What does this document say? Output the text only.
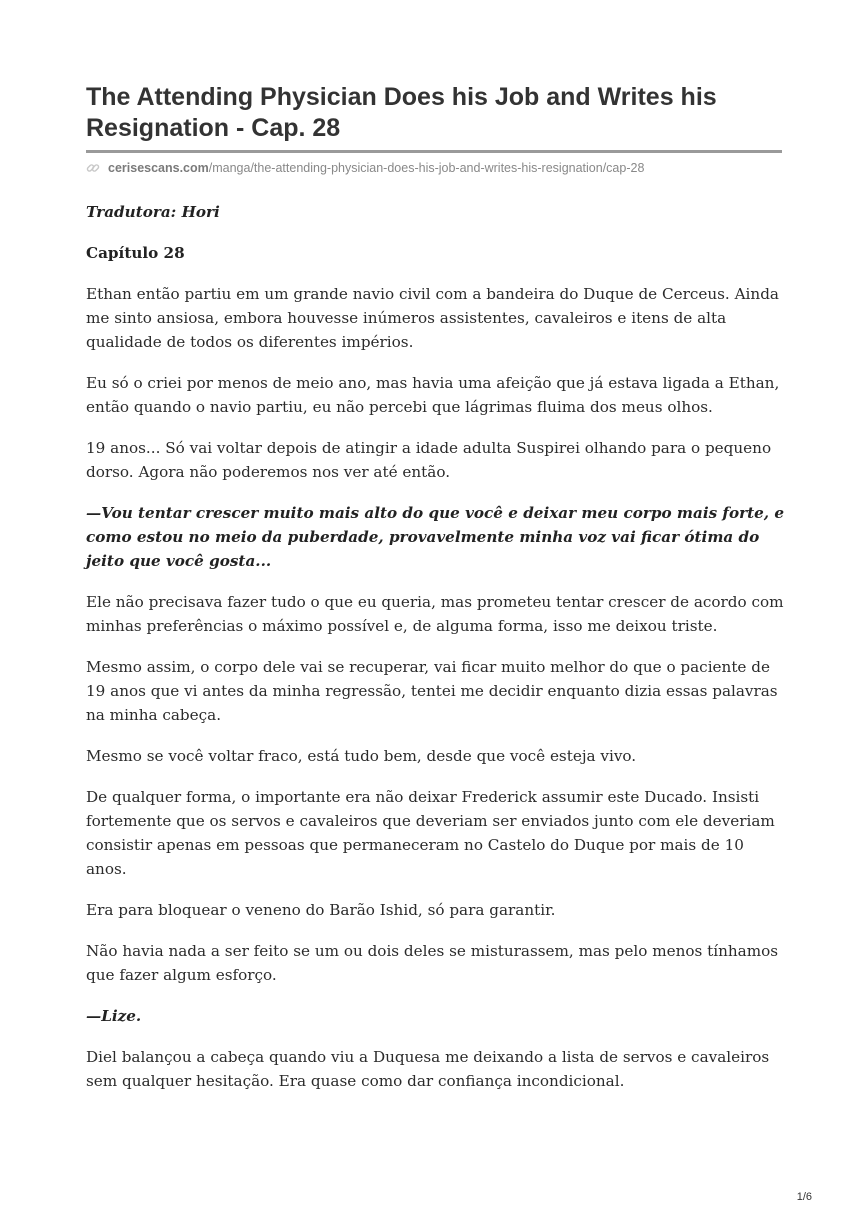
The Attending Physician Does his Job and Writes his Resignation - Cap. 28
cerisescans.com /manga/the-attending-physician-does-his-job-and-writes-his-resignation/cap-28

Tradutora: Hori

Capítulo 28

Ethan então partiu em um grande navio civil com a bandeira do Duque de Cerceus. Ainda me sinto ansiosa, embora houvesse inúmeros assistentes, cavaleiros e itens de alta qualidade de todos os diferentes impérios.

Eu só o criei por menos de meio ano, mas havia uma afeição que já estava ligada a Ethan, então quando o navio partiu, eu não percebi que lágrimas fluima dos meus olhos.

19 anos... Só vai voltar depois de atingir a idade adulta Suspirei olhando para o pequeno dorso. Agora não poderemos nos ver até então.

—Vou tentar crescer muito mais alto do que você e deixar meu corpo mais forte, e como estou no meio da puberdade, provavelmente minha voz vai ficar ótima do jeito que você gosta...

Ele não precisava fazer tudo o que eu queria, mas prometeu tentar crescer de acordo com minhas preferências o máximo possível e, de alguma forma, isso me deixou triste.

Mesmo assim, o corpo dele vai se recuperar, vai ficar muito melhor do que o paciente de 19 anos que vi antes da minha regressão, tentei me decidir enquanto dizia essas palavras na minha cabeça.

Mesmo se você voltar fraco, está tudo bem, desde que você esteja vivo.

De qualquer forma, o importante era não deixar Frederick assumir este Ducado. Insisti fortemente que os servos e cavaleiros que deveriam ser enviados junto com ele deveriam consistir apenas em pessoas que permaneceram no Castelo do Duque por mais de 10 anos.

Era para bloquear o veneno do Barão Ishid, só para garantir.

Não havia nada a ser feito se um ou dois deles se misturassem, mas pelo menos tínhamos que fazer algum esforço.

—Lize.

Diel balançou a cabeça quando viu a Duquesa me deixando a lista de servos e cavaleiros sem qualquer hesitação. Era quase como dar confiança incondicional.

1/6
